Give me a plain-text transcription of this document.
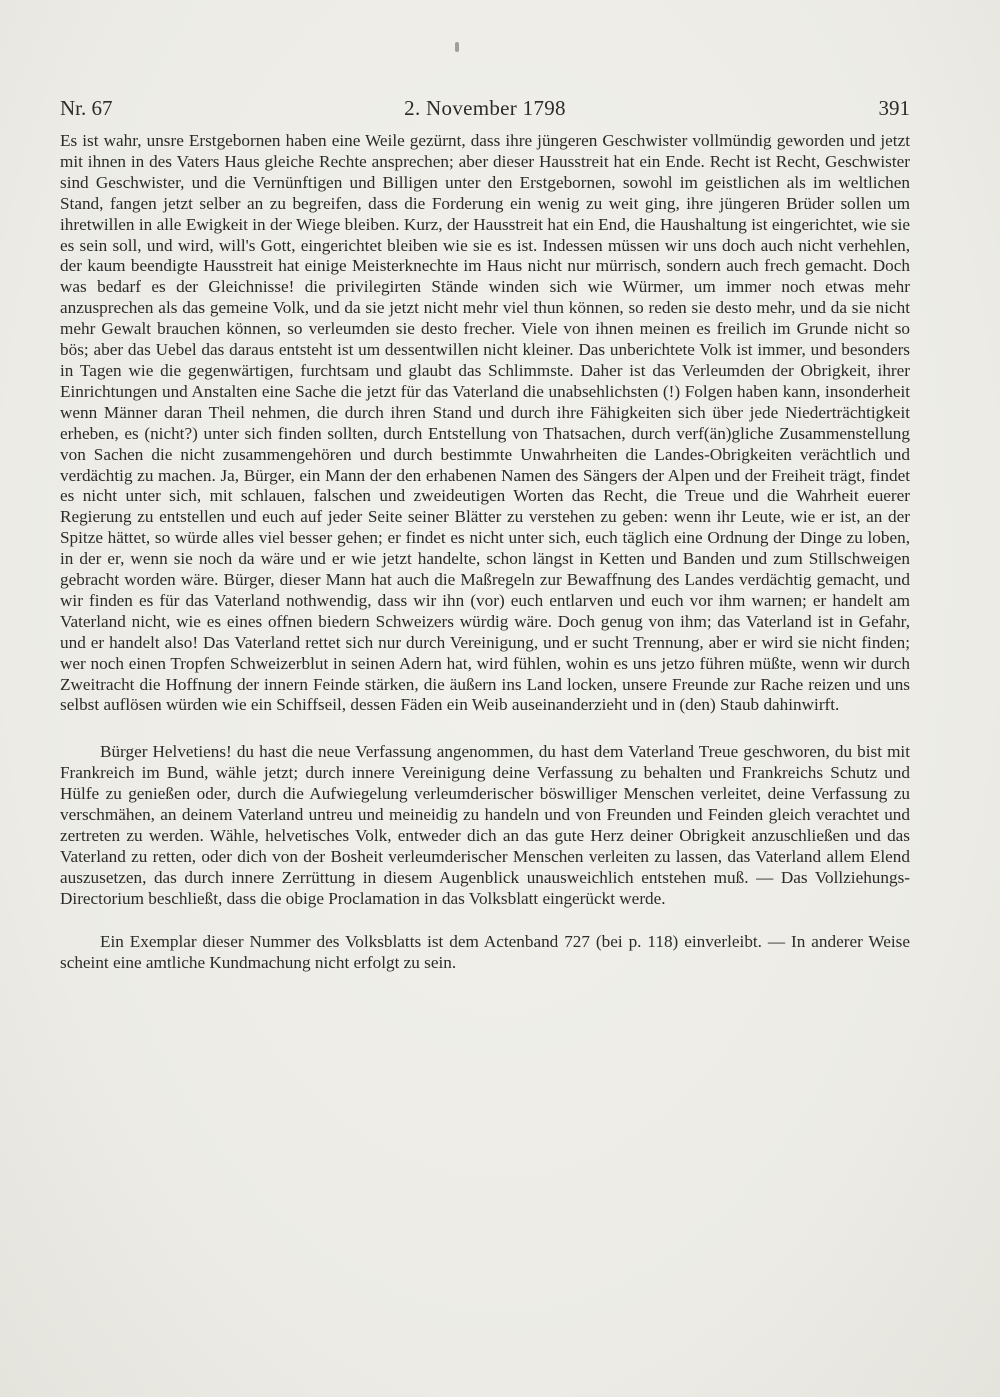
Nr. 67	2. November 1798	391

Es ist wahr, unsre Erstgebornen haben eine Weile gezürnt, dass ihre jüngeren Geschwister vollmündig geworden und jetzt mit ihnen in des Vaters Haus gleiche Rechte ansprechen; aber dieser Hausstreit hat ein Ende. Recht ist Recht, Geschwister sind Geschwister, und die Vernünftigen und Billigen unter den Erstgebornen, sowohl im geistlichen als im weltlichen Stand, fangen jetzt selber an zu begreifen, dass die Forderung ein wenig zu weit ging, ihre jüngeren Brüder sollen um ihretwillen in alle Ewigkeit in der Wiege bleiben. Kurz, der Hausstreit hat ein End, die Haushaltung ist eingerichtet, wie sie es sein soll, und wird, will's Gott, eingerichtet bleiben wie sie es ist. Indessen müssen wir uns doch auch nicht verhehlen, der kaum beendigte Hausstreit hat einige Meisterknechte im Haus nicht nur mürrisch, sondern auch frech gemacht. Doch was bedarf es der Gleichnisse! die privilegirten Stände winden sich wie Würmer, um immer noch etwas mehr anzusprechen als das gemeine Volk, und da sie jetzt nicht mehr viel thun können, so reden sie desto mehr, und da sie nicht mehr Gewalt brauchen können, so verleumden sie desto frecher. Viele von ihnen meinen es freilich im Grunde nicht so bös; aber das Uebel das daraus entsteht ist um dessentwillen nicht kleiner. Das unberichtete Volk ist immer, und besonders in Tagen wie die gegenwärtigen, furchtsam und glaubt das Schlimmste. Daher ist das Verleumden der Obrigkeit, ihrer Einrichtungen und Anstalten eine Sache die jetzt für das Vaterland die unabsehlichsten (!) Folgen haben kann, insonderheit wenn Männer daran Theil nehmen, die durch ihren Stand und durch ihre Fähigkeiten sich über jede Niederträchtigkeit erheben, es (nicht?) unter sich finden sollten, durch Entstellung von Thatsachen, durch verf(än)gliche Zusammenstellung von Sachen die nicht zusammengehören und durch bestimmte Unwahrheiten die Landes-Obrigkeiten verächtlich und verdächtig zu machen. Ja, Bürger, ein Mann der den erhabenen Namen des Sängers der Alpen und der Freiheit trägt, findet es nicht unter sich, mit schlauen, falschen und zweideutigen Worten das Recht, die Treue und die Wahrheit euerer Regierung zu entstellen und euch auf jeder Seite seiner Blätter zu verstehen zu geben: wenn ihr Leute, wie er ist, an der Spitze hättet, so würde alles viel besser gehen; er findet es nicht unter sich, euch täglich eine Ordnung der Dinge zu loben, in der er, wenn sie noch da wäre und er wie jetzt handelte, schon längst in Ketten und Banden und zum Stillschweigen gebracht worden wäre. Bürger, dieser Mann hat auch die Maßregeln zur Bewaffnung des Landes verdächtig gemacht, und wir finden es für das Vaterland nothwendig, dass wir ihn (vor) euch entlarven und euch vor ihm warnen; er handelt am Vaterland nicht, wie es eines offnen biedern Schweizers würdig wäre. Doch genug von ihm; das Vaterland ist in Gefahr, und er handelt also! Das Vaterland rettet sich nur durch Vereinigung, und er sucht Trennung, aber er wird sie nicht finden; wer noch einen Tropfen Schweizerblut in seinen Adern hat, wird fühlen, wohin es uns jetzo führen müßte, wenn wir durch Zweitracht die Hoffnung der innern Feinde stärken, die äußern ins Land locken, unsere Freunde zur Rache reizen und uns selbst auflösen würden wie ein Schiffseil, dessen Fäden ein Weib auseinanderzieht und in (den) Staub dahinwirft.

Bürger Helvetiens! du hast die neue Verfassung angenommen, du hast dem Vaterland Treue geschworen, du bist mit Frankreich im Bund, wähle jetzt; durch innere Vereinigung deine Verfassung zu behalten und Frankreichs Schutz und Hülfe zu genießen oder, durch die Aufwiegelung verleumderischer böswilliger Menschen verleitet, deine Verfassung zu verschmähen, an deinem Vaterland untreu und meineidig zu handeln und von Freunden und Feinden gleich verachtet und zertreten zu werden. Wähle, helvetisches Volk, entweder dich an das gute Herz deiner Obrigkeit anzuschließen und das Vaterland zu retten, oder dich von der Bosheit verleumderischer Menschen verleiten zu lassen, das Vaterland allem Elend auszusetzen, das durch innere Zerrüttung in diesem Augenblick unausweichlich entstehen muß. — Das Vollziehungs-Directorium beschließt, dass die obige Proclamation in das Volksblatt eingerückt werde.

Ein Exemplar dieser Nummer des Volksblatts ist dem Actenband 727 (bei p. 118) einverleibt. — In anderer Weise scheint eine amtliche Kundmachung nicht erfolgt zu sein.
